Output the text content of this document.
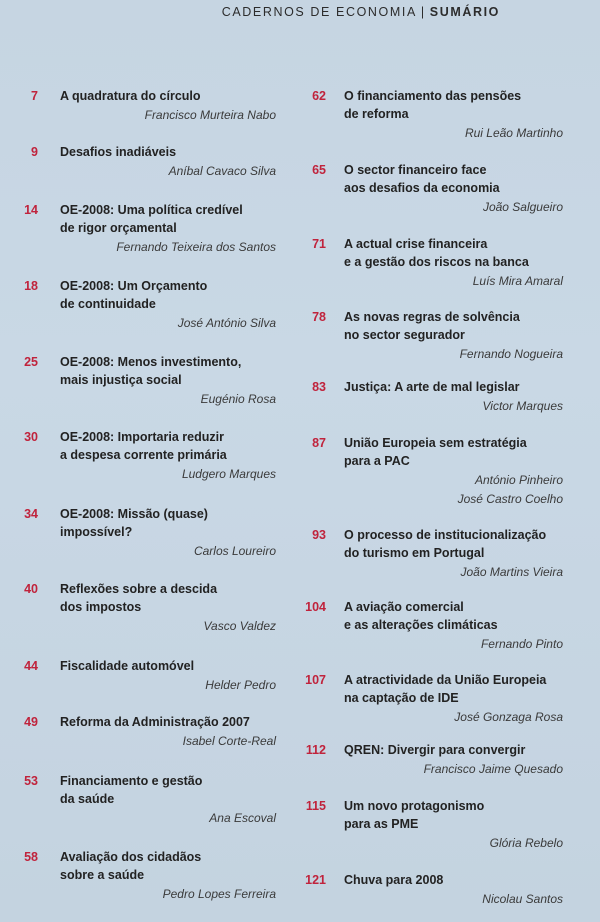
CADERNOS DE ECONOMIA | SUMÁRIO
7 A quadratura do círculo
Francisco Murteira Nabo
9 Desafios inadiáveis
Aníbal Cavaco Silva
14 OE-2008: Uma política credível
de rigor orçamental
Fernando Teixeira dos Santos
18 OE-2008: Um Orçamento
de continuidade
José António Silva
25 OE-2008: Menos investimento,
mais injustiça social
Eugénio Rosa
30 OE-2008: Importaria reduzir
a despesa corrente primária
Ludgero Marques
34 OE-2008: Missão (quase)
impossível?
Carlos Loureiro
40 Reflexões sobre a descida
dos impostos
Vasco Valdez
44 Fiscalidade automóvel
Helder Pedro
49 Reforma da Administração 2007
Isabel Corte-Real
53 Financiamento e gestão
da saúde
Ana Escoval
58 Avaliação dos cidadãos
sobre a saúde
Pedro Lopes Ferreira
62 O financiamento das pensões
de reforma
Rui Leão Martinho
65 O sector financeiro face
aos desafios da economia
João Salgueiro
71 A actual crise financeira
e a gestão dos riscos na banca
Luís Mira Amaral
78 As novas regras de solvência
no sector segurador
Fernando Nogueira
83 Justiça: A arte de mal legislar
Victor Marques
87 União Europeia sem estratégia
para a PAC
António Pinheiro
José Castro Coelho
93 O processo de institucionalização
do turismo em Portugal
João Martins Vieira
104 A aviação comercial
e as alterações climáticas
Fernando Pinto
107 A atractividade da União Europeia
na captação de IDE
José Gonzaga Rosa
112 QREN: Divergir para convergir
Francisco Jaime Quesado
115 Um novo protagonismo
para as PME
Glória Rebelo
121 Chuva para 2008
Nicolau Santos
